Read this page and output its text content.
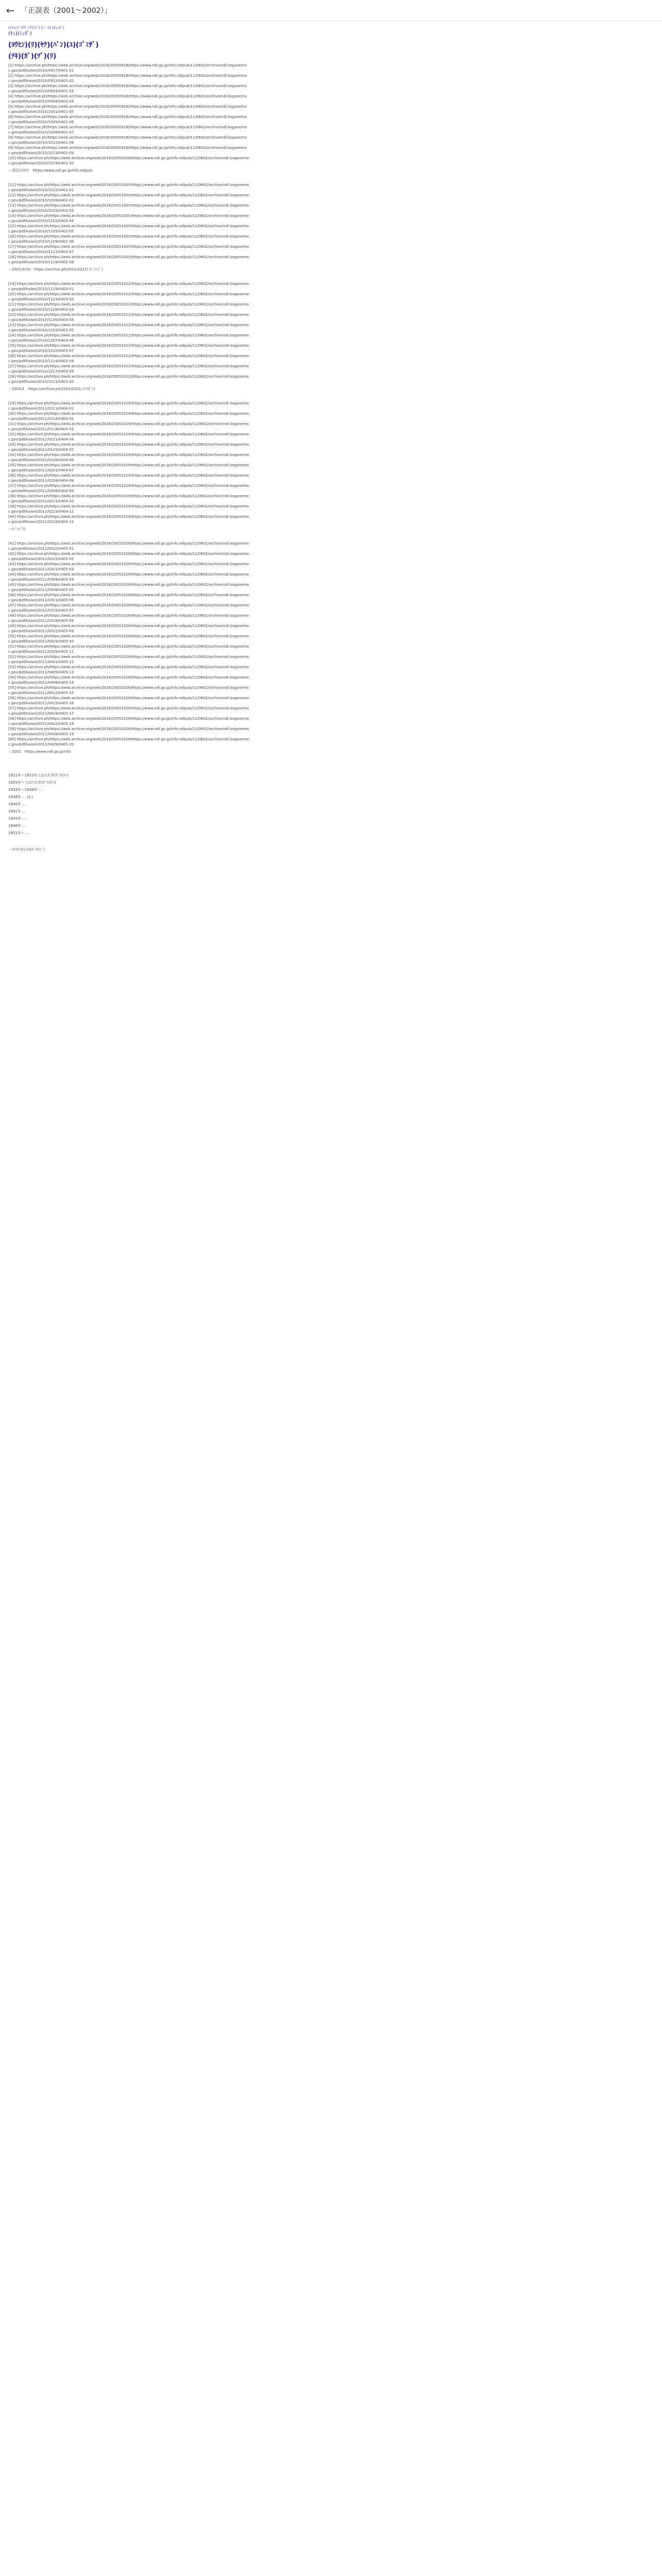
← 「正誤表（2001〜2002）」
(ｲﾘｬﾝﾄﾞﾊｳﾄﾞｩﾃﾘﾆﾄﾟ) (ﾍﾞｰｽ) (ﾁｭﾝﾎﾞ)
(ｷｭ)(ｼｭﾎﾞ)
(ﾖｳﾋﾝ)(ﾘ)(ﾔｸ)(ﾊﾞﾝ)(ﾕ)(ｺﾞﾐｻﾞ)
(ﾃｷ)(ｶﾞ)(ﾂﾞ)(ﾘ)
[1] https://archive.ph/https://web.archive.org/web/2018/20050928/https://www.ndl.go.jp/info.ndlpub/11/0602/archive/ndl.koganemo
c.gov/pdf/kaisei/2010/0917/0401-01
[2] https://archive.ph/https://web.archive.org/web/2018/20050928/https://www.ndl.go.jp/info.ndlpub/11/0602/archive/ndl.koganemo
c.gov/pdf/kaisei/2010/0922/0401-02
[3] https://archive.ph/https://web.archive.org/web/2018/20050928/https://www.ndl.go.jp/info.ndlpub/11/0602/archive/ndl.koganemo
c.gov/pdf/kaisei/2010/0924/0401-03
[4] https://archive.ph/https://web.archive.org/web/2018/20050928/https://www.ndl.go.jp/info.ndlpub/11/0602/archive/ndl.koganemo
c.gov/pdf/kaisei/2010/0928/0401-04
[5] https://archive.ph/https://web.archive.org/web/2018/20050928/https://www.ndl.go.jp/info.ndlpub/11/0602/archive/ndl.koganemo
c.gov/pdf/kaisei/2010/1001/0401-05
[6] https://archive.ph/https://web.archive.org/web/2018/20050928/https://www.ndl.go.jp/info.ndlpub/11/0602/archive/ndl.koganemo
c.gov/pdf/kaisei/2010/1005/0401-06
[7] https://archive.ph/https://web.archive.org/web/2018/20050928/https://www.ndl.go.jp/info.ndlpub/11/0602/archive/ndl.koganemo
c.gov/pdf/kaisei/2010/1008/0401-07
[8] https://archive.ph/https://web.archive.org/web/2018/20050928/https://www.ndl.go.jp/info.ndlpub/11/0602/archive/ndl.koganemo
c.gov/pdf/kaisei/2010/1012/0401-08
[9] https://archive.ph/https://web.archive.org/web/2018/20050928/https://www.ndl.go.jp/info.ndlpub/11/0602/archive/ndl.koganemo
c.gov/pdf/kaisei/2010/1015/0401-09
[10] https://archive.ph/https://web.archive.org/web/2018/20050928/https://www.ndl.go.jp/info.ndlpub/11/0602/archive/ndl.koganemo
c.gov/pdf/kaisei/2010/1019/0401-10
・項目(ｺｳﾓｸ)　https://www.ndl.go.jp/info.ndlpub
[11] https://archive.ph/https://web.archive.org/web/2018/20051005/https://www.ndl.go.jp/info.ndlpub/11/0602/archive/ndl.koganemo
c.gov/pdf/kaisei/2010/1022/0402-01
[12] https://archive.ph/https://web.archive.org/web/2018/20051005/https://www.ndl.go.jp/info.ndlpub/11/0602/archive/ndl.koganemo
c.gov/pdf/kaisei/2010/1026/0402-02
[13] https://archive.ph/https://web.archive.org/web/2018/20051005/https://www.ndl.go.jp/info.ndlpub/11/0602/archive/ndl.koganemo
c.gov/pdf/kaisei/2010/1029/0402-03
[14] https://archive.ph/https://web.archive.org/web/2018/20051005/https://www.ndl.go.jp/info.ndlpub/11/0602/archive/ndl.koganemo
c.gov/pdf/kaisei/2010/1102/0402-04
[15] https://archive.ph/https://web.archive.org/web/2018/20051005/https://www.ndl.go.jp/info.ndlpub/11/0602/archive/ndl.koganemo
c.gov/pdf/kaisei/2010/1105/0402-05
[16] https://archive.ph/https://web.archive.org/web/2018/20051005/https://www.ndl.go.jp/info.ndlpub/11/0602/archive/ndl.koganemo
c.gov/pdf/kaisei/2010/1109/0402-06
[17] https://archive.ph/https://web.archive.org/web/2018/20051005/https://www.ndl.go.jp/info.ndlpub/11/0602/archive/ndl.koganemo
c.gov/pdf/kaisei/2010/1112/0402-07
[18] https://archive.ph/https://web.archive.org/web/2018/20051005/https://www.ndl.go.jp/info.ndlpub/11/0602/archive/ndl.koganemo
c.gov/pdf/kaisei/2010/1116/0402-08
・2001/3/10　https://archive.ph/2011/0217/ (ﾄﾞﾘｯﾌﾟ)
[19] https://archive.ph/https://web.archive.org/web/2018/20051012/https://www.ndl.go.jp/info.ndlpub/11/0602/archive/ndl.koganemo
c.gov/pdf/kaisei/2010/1119/0403-01
[20] https://archive.ph/https://web.archive.org/web/2018/20051012/https://www.ndl.go.jp/info.ndlpub/11/0602/archive/ndl.koganemo
c.gov/pdf/kaisei/2010/1123/0403-02
[21] https://archive.ph/https://web.archive.org/web/2018/20051012/https://www.ndl.go.jp/info.ndlpub/11/0602/archive/ndl.koganemo
c.gov/pdf/kaisei/2010/1126/0403-03
[22] https://archive.ph/https://web.archive.org/web/2018/20051012/https://www.ndl.go.jp/info.ndlpub/11/0602/archive/ndl.koganemo
c.gov/pdf/kaisei/2010/1130/0403-04
[23] https://archive.ph/https://web.archive.org/web/2018/20051012/https://www.ndl.go.jp/info.ndlpub/11/0602/archive/ndl.koganemo
c.gov/pdf/kaisei/2010/1203/0403-05
[24] https://archive.ph/https://web.archive.org/web/2018/20051012/https://www.ndl.go.jp/info.ndlpub/11/0602/archive/ndl.koganemo
c.gov/pdf/kaisei/2010/1207/0403-06
[25] https://archive.ph/https://web.archive.org/web/2018/20051012/https://www.ndl.go.jp/info.ndlpub/11/0602/archive/ndl.koganemo
c.gov/pdf/kaisei/2010/1210/0403-07
[26] https://archive.ph/https://web.archive.org/web/2018/20051012/https://www.ndl.go.jp/info.ndlpub/11/0602/archive/ndl.koganemo
c.gov/pdf/kaisei/2010/1214/0403-08
[27] https://archive.ph/https://web.archive.org/web/2018/20051012/https://www.ndl.go.jp/info.ndlpub/11/0602/archive/ndl.koganemo
c.gov/pdf/kaisei/2010/1217/0403-09
[28] https://archive.ph/https://web.archive.org/web/2018/20051012/https://www.ndl.go.jp/info.ndlpub/11/0602/archive/ndl.koganemo
c.gov/pdf/kaisei/2010/1221/0403-10
・2002/1　https://archive.ph/2001/0201/ (ｿｳｾﾞﾝ)
[29] https://archive.ph/https://web.archive.org/web/2018/20051019/https://www.ndl.go.jp/info.ndlpub/11/0602/archive/ndl.koganemo
c.gov/pdf/kaisei/2011/0111/0404-01
[30] https://archive.ph/https://web.archive.org/web/2018/20051019/https://www.ndl.go.jp/info.ndlpub/11/0602/archive/ndl.koganemo
c.gov/pdf/kaisei/2011/0114/0404-02
[31] https://archive.ph/https://web.archive.org/web/2018/20051019/https://www.ndl.go.jp/info.ndlpub/11/0602/archive/ndl.koganemo
c.gov/pdf/kaisei/2011/0118/0404-03
[32] https://archive.ph/https://web.archive.org/web/2018/20051019/https://www.ndl.go.jp/info.ndlpub/11/0602/archive/ndl.koganemo
c.gov/pdf/kaisei/2011/0121/0404-04
[33] https://archive.ph/https://web.archive.org/web/2018/20051019/https://www.ndl.go.jp/info.ndlpub/11/0602/archive/ndl.koganemo
c.gov/pdf/kaisei/2011/0125/0404-05
[34] https://archive.ph/https://web.archive.org/web/2018/20051019/https://www.ndl.go.jp/info.ndlpub/11/0602/archive/ndl.koganemo
c.gov/pdf/kaisei/2011/0128/0404-06
[35] https://archive.ph/https://web.archive.org/web/2018/20051019/https://www.ndl.go.jp/info.ndlpub/11/0602/archive/ndl.koganemo
c.gov/pdf/kaisei/2011/0201/0404-07
[36] https://archive.ph/https://web.archive.org/web/2018/20051019/https://www.ndl.go.jp/info.ndlpub/11/0602/archive/ndl.koganemo
c.gov/pdf/kaisei/2011/0204/0404-08
[37] https://archive.ph/https://web.archive.org/web/2018/20051019/https://www.ndl.go.jp/info.ndlpub/11/0602/archive/ndl.koganemo
c.gov/pdf/kaisei/2011/0208/0404-09
[38] https://archive.ph/https://web.archive.org/web/2018/20051019/https://www.ndl.go.jp/info.ndlpub/11/0602/archive/ndl.koganemo
c.gov/pdf/kaisei/2011/0211/0404-10
[39] https://archive.ph/https://web.archive.org/web/2018/20051019/https://www.ndl.go.jp/info.ndlpub/11/0602/archive/ndl.koganemo
c.gov/pdf/kaisei/2011/0215/0404-11
[40] https://archive.ph/https://web.archive.org/web/2018/20051019/https://www.ndl.go.jp/info.ndlpub/11/0602/archive/ndl.koganemo
c.gov/pdf/kaisei/2011/0218/0404-12
・(ﾍﾞﾝｿﾞｳ)
[41] https://archive.ph/https://web.archive.org/web/2018/20051026/https://www.ndl.go.jp/info.ndlpub/11/0602/archive/ndl.koganemo
c.gov/pdf/kaisei/2011/0222/0405-01
[42] https://archive.ph/https://web.archive.org/web/2018/20051026/https://www.ndl.go.jp/info.ndlpub/11/0602/archive/ndl.koganemo
c.gov/pdf/kaisei/2011/0225/0405-02
[43] https://archive.ph/https://web.archive.org/web/2018/20051026/https://www.ndl.go.jp/info.ndlpub/11/0602/archive/ndl.koganemo
c.gov/pdf/kaisei/2011/0301/0405-03
[44] https://archive.ph/https://web.archive.org/web/2018/20051026/https://www.ndl.go.jp/info.ndlpub/11/0602/archive/ndl.koganemo
c.gov/pdf/kaisei/2011/0304/0405-04
[45] https://archive.ph/https://web.archive.org/web/2018/20051026/https://www.ndl.go.jp/info.ndlpub/11/0602/archive/ndl.koganemo
c.gov/pdf/kaisei/2011/0308/0405-05
[46] https://archive.ph/https://web.archive.org/web/2018/20051026/https://www.ndl.go.jp/info.ndlpub/11/0602/archive/ndl.koganemo
c.gov/pdf/kaisei/2011/0311/0405-06
[47] https://archive.ph/https://web.archive.org/web/2018/20051026/https://www.ndl.go.jp/info.ndlpub/11/0602/archive/ndl.koganemo
c.gov/pdf/kaisei/2011/0315/0405-07
[48] https://archive.ph/https://web.archive.org/web/2018/20051026/https://www.ndl.go.jp/info.ndlpub/11/0602/archive/ndl.koganemo
c.gov/pdf/kaisei/2011/0318/0405-08
[49] https://archive.ph/https://web.archive.org/web/2018/20051026/https://www.ndl.go.jp/info.ndlpub/11/0602/archive/ndl.koganemo
c.gov/pdf/kaisei/2011/0322/0405-09
[50] https://archive.ph/https://web.archive.org/web/2018/20051026/https://www.ndl.go.jp/info.ndlpub/11/0602/archive/ndl.koganemo
c.gov/pdf/kaisei/2011/0325/0405-10
[51] https://archive.ph/https://web.archive.org/web/2018/20051026/https://www.ndl.go.jp/info.ndlpub/11/0602/archive/ndl.koganemo
c.gov/pdf/kaisei/2011/0329/0405-11
[52] https://archive.ph/https://web.archive.org/web/2018/20051026/https://www.ndl.go.jp/info.ndlpub/11/0602/archive/ndl.koganemo
c.gov/pdf/kaisei/2011/0401/0405-12
[53] https://archive.ph/https://web.archive.org/web/2018/20051026/https://www.ndl.go.jp/info.ndlpub/11/0602/archive/ndl.koganemo
c.gov/pdf/kaisei/2011/0405/0405-13
[54] https://archive.ph/https://web.archive.org/web/2018/20051026/https://www.ndl.go.jp/info.ndlpub/11/0602/archive/ndl.koganemo
c.gov/pdf/kaisei/2011/0408/0405-14
[55] https://archive.ph/https://web.archive.org/web/2018/20051026/https://www.ndl.go.jp/info.ndlpub/11/0602/archive/ndl.koganemo
c.gov/pdf/kaisei/2011/0412/0405-15
[56] https://archive.ph/https://web.archive.org/web/2018/20051026/https://www.ndl.go.jp/info.ndlpub/11/0602/archive/ndl.koganemo
c.gov/pdf/kaisei/2011/0415/0405-16
[57] https://archive.ph/https://web.archive.org/web/2018/20051026/https://www.ndl.go.jp/info.ndlpub/11/0602/archive/ndl.koganemo
c.gov/pdf/kaisei/2011/0419/0405-17
[58] https://archive.ph/https://web.archive.org/web/2018/20051026/https://www.ndl.go.jp/info.ndlpub/11/0602/archive/ndl.koganemo
c.gov/pdf/kaisei/2011/0422/0405-18
[59] https://archive.ph/https://web.archive.org/web/2018/20051026/https://www.ndl.go.jp/info.ndlpub/11/0602/archive/ndl.koganemo
c.gov/pdf/kaisei/2011/0426/0405-19
[60] https://archive.ph/https://web.archive.org/web/2018/20051026/https://www.ndl.go.jp/info.ndlpub/11/0602/archive/ndl.koganemo
c.gov/pdf/kaisei/2011/0429/0405-20
・2002　https://www.ndl.go.jp/info
1911年〜1925年 (ﾆﾎﾝ)大学(ｶﾞｸ)(ｹｲ)
1925年〜 (ﾆﾎﾝ)大学(ｶﾞｸ)(ｹｲ)
1933年〜1938年 …
1938年 … (ｾﾝ)
1940年 …
1941年 …
1945年 …
1946年 …
1951年〜 …
・(ﾀｲｶｲ)(ﾋｮｳ)(ﾎﾞﾂ)(ｼﾞ)
